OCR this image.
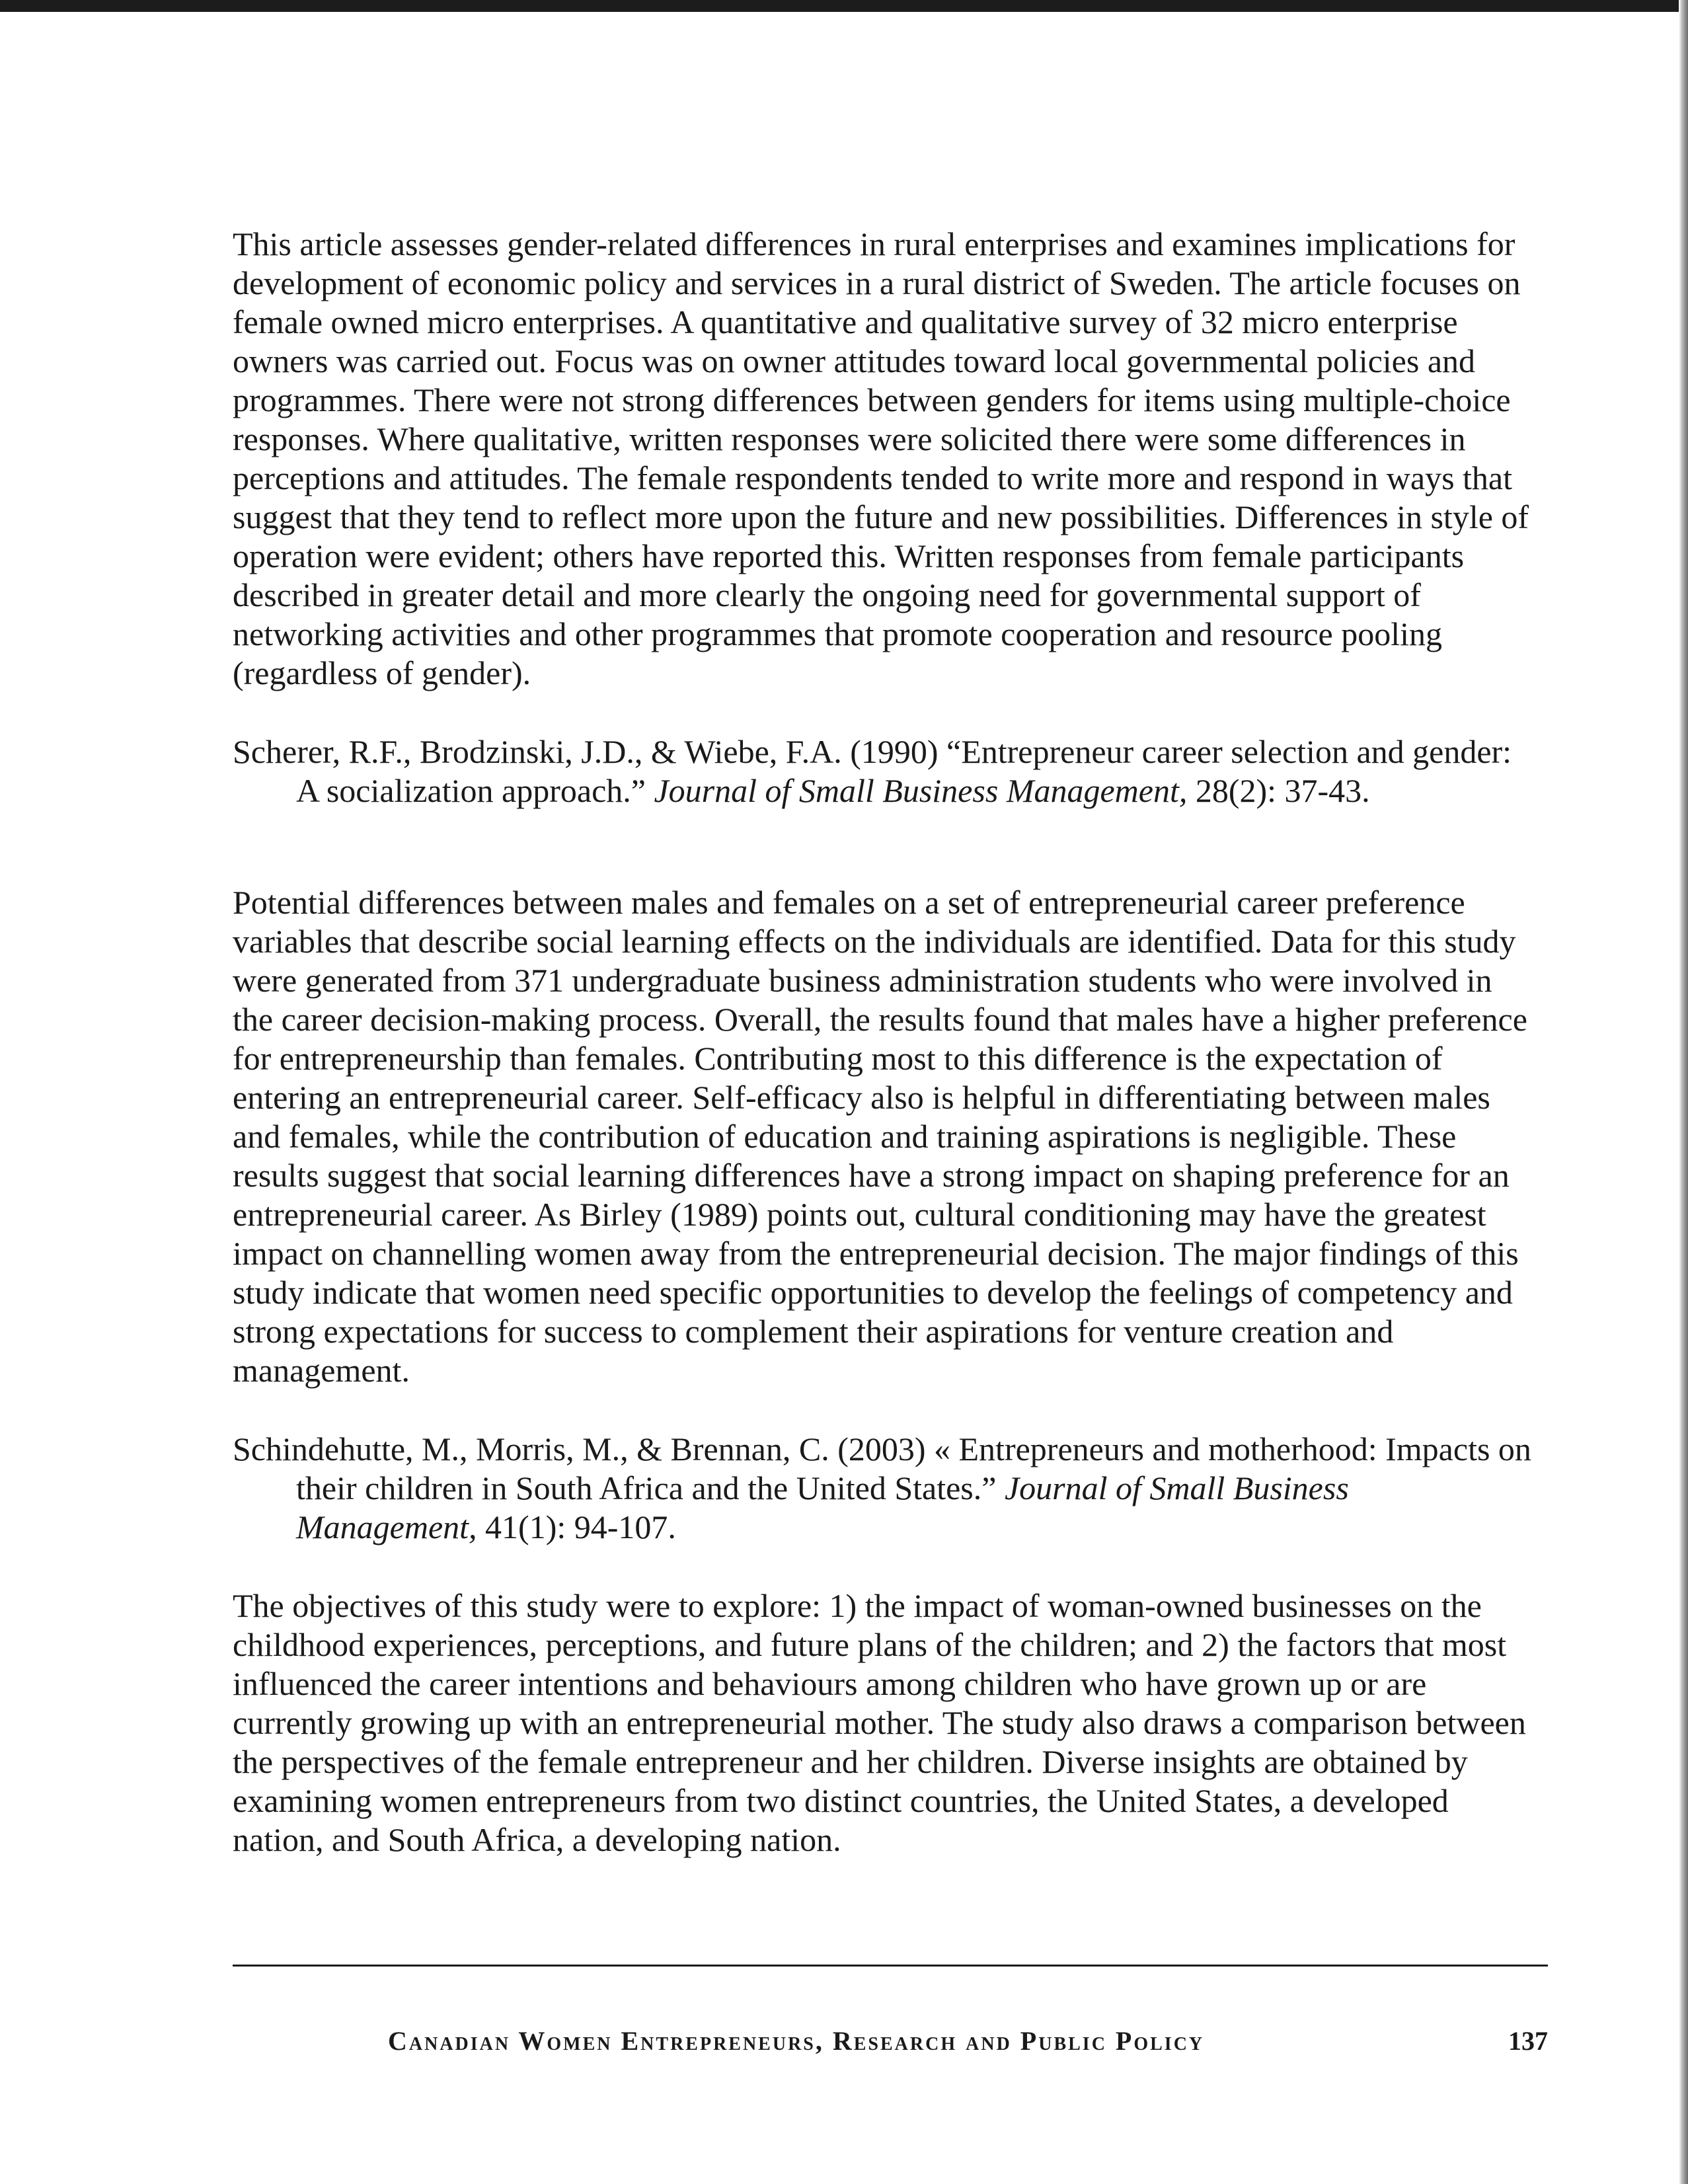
This article assesses gender-related differences in rural enterprises and examines implications for development of economic policy and services in a rural district of Sweden. The article focuses on female owned micro enterprises. A quantitative and qualitative survey of 32 micro enterprise owners was carried out. Focus was on owner attitudes toward local governmental policies and programmes. There were not strong differences between genders for items using multiple-choice responses. Where qualitative, written responses were solicited there were some differences in perceptions and attitudes. The female respondents tended to write more and respond in ways that suggest that they tend to reflect more upon the future and new possibilities. Differences in style of operation were evident; others have reported this. Written responses from female participants described in greater detail and more clearly the ongoing need for governmental support of networking activities and other programmes that promote cooperation and resource pooling (regardless of gender).

Scherer, R.F., Brodzinski, J.D., & Wiebe, F.A. (1990) “Entrepreneur career selection and gender: A socialization approach.” Journal of Small Business Management, 28(2): 37-43.

Potential differences between males and females on a set of entrepreneurial career preference variables that describe social learning effects on the individuals are identified. Data for this study were generated from 371 undergraduate business administration students who were involved in the career decision-making process. Overall, the results found that males have a higher preference for entrepreneurship than females. Contributing most to this difference is the expectation of entering an entrepreneurial career. Self-efficacy also is helpful in differentiating between males and females, while the contribution of education and training aspirations is negligible. These results suggest that social learning differences have a strong impact on shaping preference for an entrepreneurial career. As Birley (1989) points out, cultural conditioning may have the greatest impact on channelling women away from the entrepreneurial decision. The major findings of this study indicate that women need specific opportunities to develop the feelings of competency and strong expectations for success to complement their aspirations for venture creation and management.

Schindehutte, M., Morris, M., & Brennan, C. (2003) « Entrepreneurs and motherhood: Impacts on their children in South Africa and the United States.” Journal of Small Business Management, 41(1): 94-107.

The objectives of this study were to explore: 1) the impact of woman-owned businesses on the childhood experiences, perceptions, and future plans of the children; and 2) the factors that most influenced the career intentions and behaviours among children who have grown up or are currently growing up with an entrepreneurial mother. The study also draws a comparison between the perspectives of the female entrepreneur and her children. Diverse insights are obtained by examining women entrepreneurs from two distinct countries, the United States, a developed nation, and South Africa, a developing nation.

Canadian Women Entrepreneurs, Research and Public Policy	137
